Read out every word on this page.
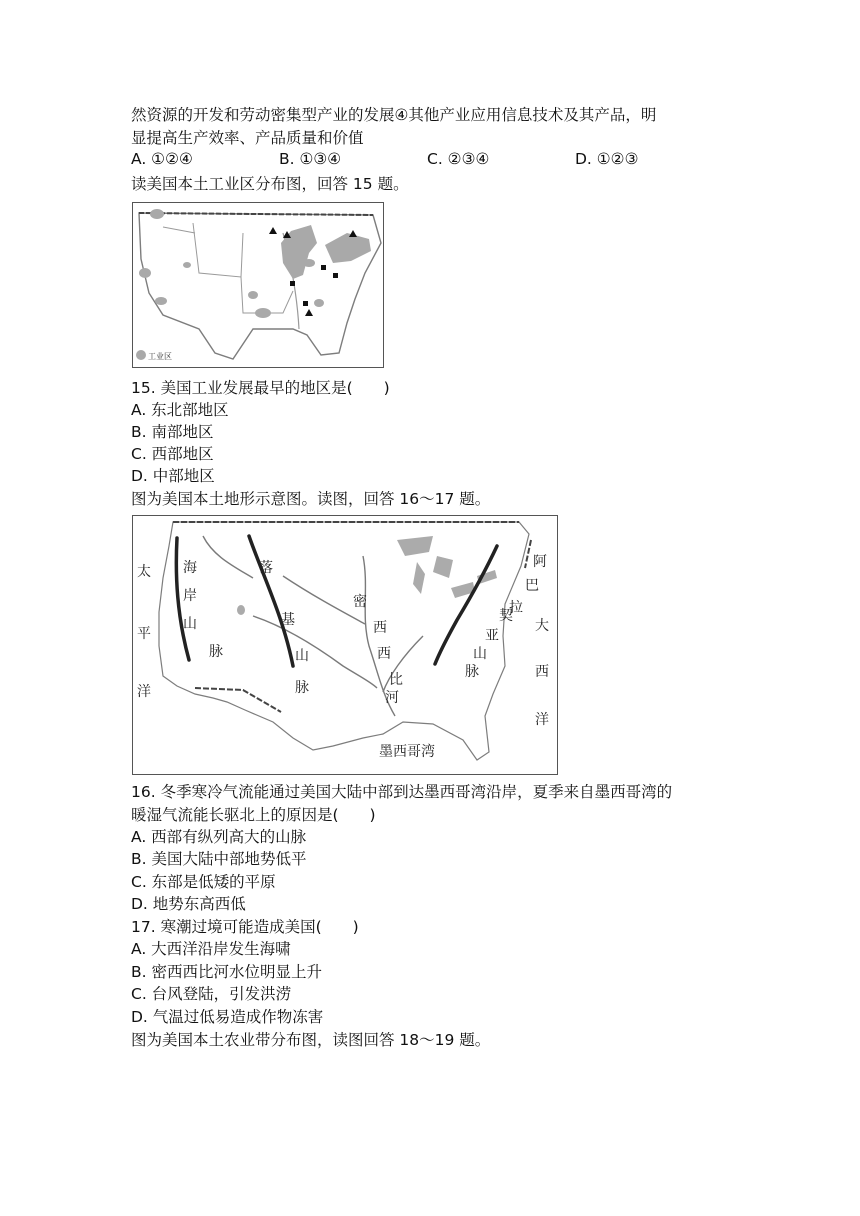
然资源的开发和劳动密集型产业的发展④其他产业应用信息技术及其产品，明
显提高生产效率、产品质量和价值
A. ①②④	B. ①③④	C. ②③④	D. ①②③
读美国本土工业区分布图，回答 15 题。
工业区
15. 美国工业发展最早的地区是(　　)
A. 东北部地区
B. 南部地区
C. 西部地区
D. 中部地区
图为美国本土地形示意图。读图，回答 16～17 题。
太
平
洋
海
岸
山
脉
落
基
山
脉
密
西
西
比
河
亚
山
脉
阿
巴
拉
契
大
西
洋
墨西哥湾
16. 冬季寒冷气流能通过美国大陆中部到达墨西哥湾沿岸，夏季来自墨西哥湾的
暖湿气流能长驱北上的原因是(　　)
A. 西部有纵列高大的山脉
B. 美国大陆中部地势低平
C. 东部是低矮的平原
D. 地势东高西低
17. 寒潮过境可能造成美国(　　)
A. 大西洋沿岸发生海啸
B. 密西西比河水位明显上升
C. 台风登陆，引发洪涝
D. 气温过低易造成作物冻害
图为美国本土农业带分布图，读图回答 18～19 题。
